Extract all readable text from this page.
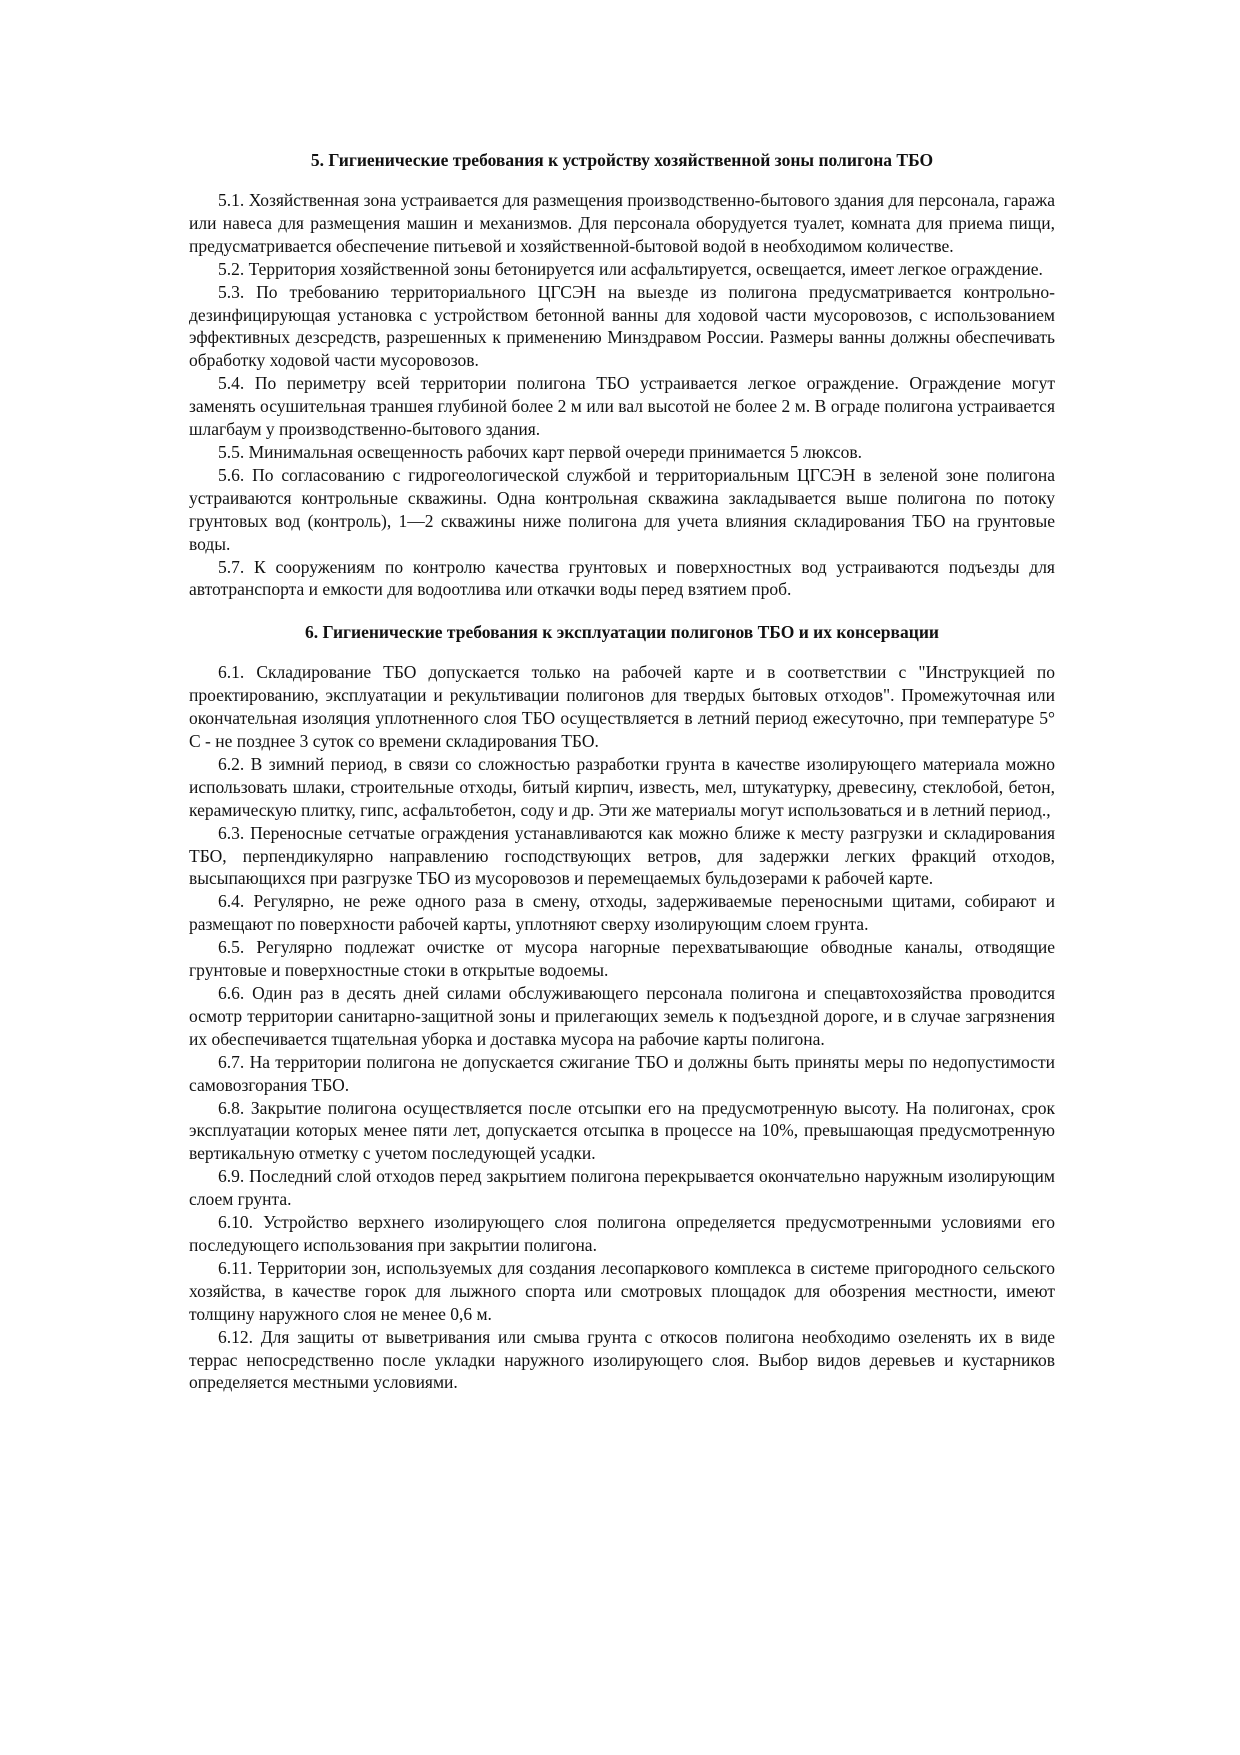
5. Гигиенические требования к устройству хозяйственной зоны полигона ТБО

5.1. Хозяйственная зона устраивается для размещения производственно-бытового здания для персонала, гаража или навеса для размещения машин и механизмов. Для персонала оборудуется туалет, комната для приема пищи, предусматривается обеспечение питьевой и хозяйственной-бытовой водой в необходимом количестве.

5.2. Территория хозяйственной зоны бетонируется или асфальтируется, освещается, имеет легкое ограждение.

5.3. По требованию территориального ЦГСЭН на выезде из полигона предусматривается контрольно-дезинфицирующая установка с устройством бетонной ванны для ходовой части мусоровозов, с использованием эффективных дезсредств, разрешенных к применению Минздравом России. Размеры ванны должны обеспечивать обработку ходовой части мусоровозов.

5.4. По периметру всей территории полигона ТБО устраивается легкое ограждение. Ограждение могут заменять осушительная траншея глубиной более 2 м или вал высотой не более 2 м. В ограде полигона устраивается шлагбаум у производственно-бытового здания.

5.5. Минимальная освещенность рабочих карт первой очереди принимается 5 люксов.

5.6. По согласованию с гидрогеологической службой и территориальным ЦГСЭН в зеленой зоне полигона устраиваются контрольные скважины. Одна контрольная скважина закладывается выше полигона по потоку грунтовых вод (контроль), 1—2 скважины ниже полигона для учета влияния складирования ТБО на грунтовые воды.

5.7. К сооружениям по контролю качества грунтовых и поверхностных вод устраиваются подъезды для автотранспорта и емкости для водоотлива или откачки воды перед взятием проб.

6. Гигиенические требования к эксплуатации полигонов ТБО и их консервации

6.1. Складирование ТБО допускается только на рабочей карте и в соответствии с "Инструкцией по проектированию, эксплуатации и рекультивации полигонов для твердых бытовых отходов". Промежуточная или окончательная изоляция уплотненного слоя ТБО осуществляется в летний период ежесуточно, при температуре 5° С - не позднее 3 суток со времени складирования ТБО.

6.2. В зимний период, в связи со сложностью разработки грунта в качестве изолирующего материала можно использовать шлаки, строительные отходы, битый кирпич, известь, мел, штукатурку, древесину, стеклобой, бетон, керамическую плитку, гипс, асфальтобетон, соду и др. Эти же материалы могут использоваться и в летний период.,

6.3. Переносные сетчатые ограждения устанавливаются как можно ближе к месту разгрузки и складирования ТБО, перпендикулярно направлению господствующих ветров, для задержки легких фракций отходов, высыпающихся при разгрузке ТБО из мусоровозов и перемещаемых бульдозерами к рабочей карте.

6.4. Регулярно, не реже одного раза в смену, отходы, задерживаемые переносными щитами, собирают и размещают по поверхности рабочей карты, уплотняют сверху изолирующим слоем грунта.

6.5. Регулярно подлежат очистке от мусора нагорные перехватывающие обводные каналы, отводящие грунтовые и поверхностные стоки в открытые водоемы.

6.6. Один раз в десять дней силами обслуживающего персонала полигона и спецавтохозяйства проводится осмотр территории санитарно-защитной зоны и прилегающих земель к подъездной дороге, и в случае загрязнения их обеспечивается тщательная уборка и доставка мусора на рабочие карты полигона.

6.7. На территории полигона не допускается сжигание ТБО и должны быть приняты меры по недопустимости самовозгорания ТБО.

6.8. Закрытие полигона осуществляется после отсыпки его на предусмотренную высоту. На полигонах, срок эксплуатации которых менее пяти лет, допускается отсыпка в процессе на 10%, превышающая предусмотренную вертикальную отметку с учетом последующей усадки.

6.9. Последний слой отходов перед закрытием полигона перекрывается окончательно наружным изолирующим слоем грунта.

6.10. Устройство верхнего изолирующего слоя полигона определяется предусмотренными условиями его последующего использования при закрытии полигона.

6.11. Территории зон, используемых для создания лесопаркового комплекса в системе пригородного сельского хозяйства, в качестве горок для лыжного спорта или смотровых площадок для обозрения местности, имеют толщину наружного слоя не менее 0,6 м.

6.12. Для защиты от выветривания или смыва грунта с откосов полигона необходимо озеленять их в виде террас непосредственно после укладки наружного изолирующего слоя. Выбор видов деревьев и кустарников определяется местными условиями.
